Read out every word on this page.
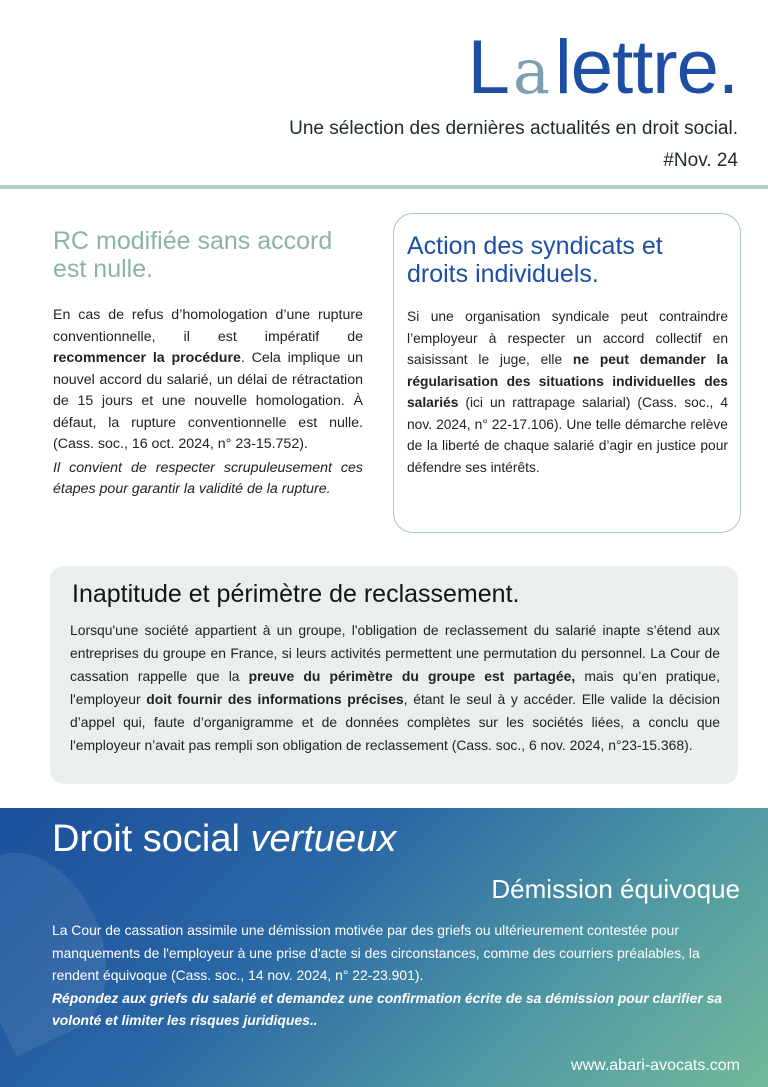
Lalettre.
Une sélection des dernières actualités en droit social.
#Nov. 24
RC modifiée sans accord est nulle.

En cas de refus d’homologation d’une rupture conventionnelle, il est impératif de recommencer la procédure. Cela implique un nouvel accord du salarié, un délai de rétractation de 15 jours et une nouvelle homologation. À défaut, la rupture conventionnelle est nulle. (Cass. soc., 16 oct. 2024, n° 23-15.752).

Il convient de respecter scrupuleusement ces étapes pour garantir la validité de la rupture.

Action des syndicats et droits individuels.

Si une organisation syndicale peut contraindre l’employeur à respecter un accord collectif en saisissant le juge, elle ne peut demander la régularisation des situations individuelles des salariés (ici un rattrapage salarial) (Cass. soc., 4 nov. 2024, n° 22-17.106). Une telle démarche relève de la liberté de chaque salarié d’agir en justice pour défendre ses intérêts.

Inaptitude et périmètre de reclassement.

Lorsqu'une société appartient à un groupe, l'obligation de reclassement du salarié inapte s’étend aux entreprises du groupe en France, si leurs activités permettent une permutation du personnel. La Cour de cassation rappelle que la preuve du périmètre du groupe est partagée, mais qu’en pratique, l'employeur doit fournir des informations précises, étant le seul à y accéder. Elle valide la décision d’appel qui, faute d’organigramme et de données complètes sur les sociétés liées, a conclu que l'employeur n’avait pas rempli son obligation de reclassement (Cass. soc., 6 nov. 2024, n°23-15.368).

Droit social vertueux
Démission équivoque

La Cour de cassation assimile une démission motivée par des griefs ou ultérieurement contestée pour manquements de l'employeur à une prise d'acte si des circonstances, comme des courriers préalables, la rendent équivoque (Cass. soc., 14 nov. 2024, n° 22-23.901).

Répondez aux griefs du salarié et demandez une confirmation écrite de sa démission pour clarifier sa volonté et limiter les risques juridiques..

www.abari-avocats.com
